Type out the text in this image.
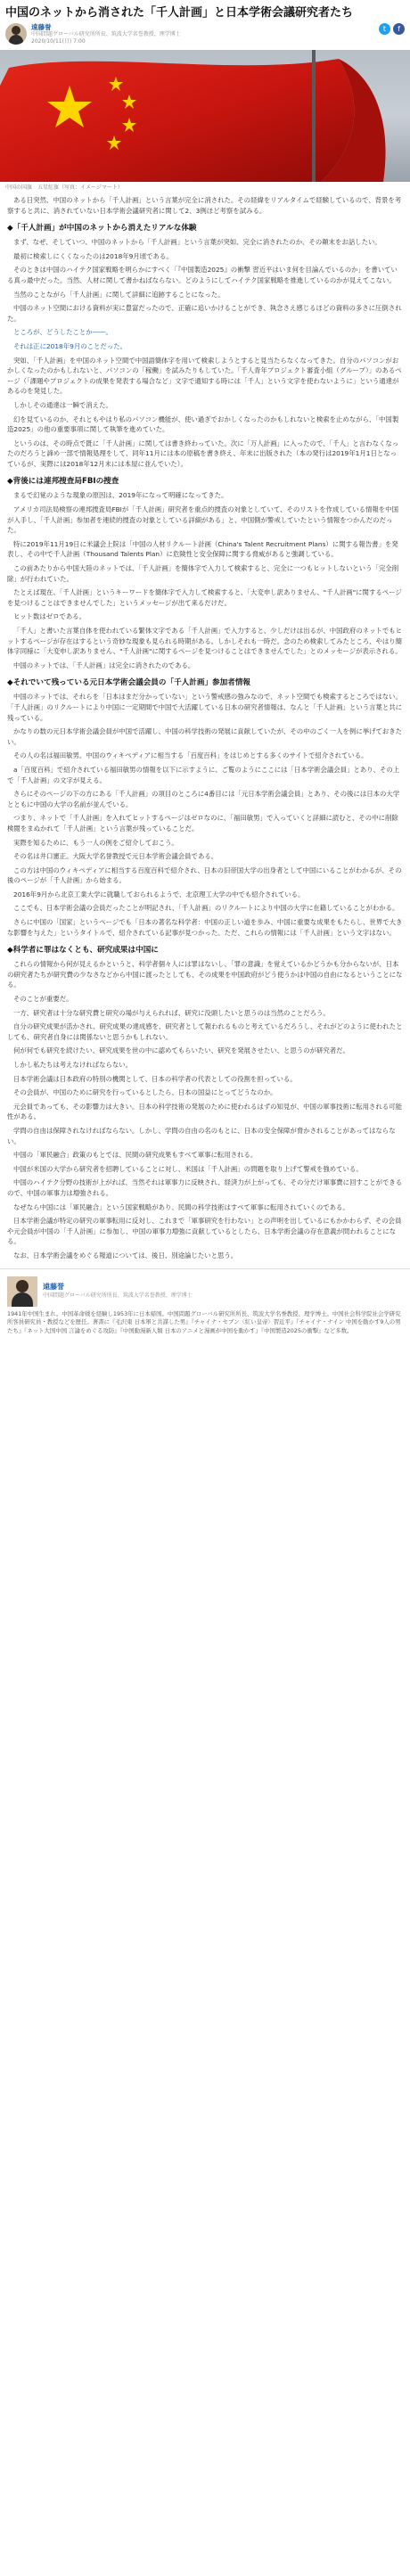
中国のネットから消された「千人計画」と日本学術会議研究者たち
遠藤誉
中国問題グローバル研究所所長、筑波大学名誉教授、理学博士
2020/10/11(日) 7:00
t	f
中国の国旗　五星紅旗（写真：イメージマート）

ある日突然、中国のネットから「千人計画」という言葉が完全に消された。その経緯をリアルタイムで経験しているので、背景を考察すると共に、消されていない日本学術会議研究者に関して2、3例ほど考察を試みる。

◆「千人計画」が中国のネットから消えたリアルな体験

まず、なぜ、そしていつ、中国のネットから「千人計画」という言葉が突如、完全に消されたのか、その顛末をお話したい。

最初に検索しにくくなったのは2018年9月頃である。

そのときは中国のハイテク国家戦略を明らかにすべく「『中国製造2025』の衝撃 習近平はいま何を目論んでいるのか」を書いている真っ最中だった。当然、人材に関して書かねばならない。どのようにしてハイテク国家戦略を推進しているのかが見えてこない。

当然のことながら「千人計画」に関して詳細に追跡することになった。

中国のネット空間における資料が実に豊富だったので、正確に追いかけることができ、執念さえ感じるほどの資料の多さに圧倒された。

ところが、どうしたことか――。

それは正に2018年9月のことだった。

突如、「千人計画」を中国のネット空間で中国語簡体字を用いて検索しようとすると見当たらなくなってきた。自分のパソコンがおかしくなったのかもしれないと、パソコンの「稼働」を試みたりもしていた。「千人青年プロジェクト審査小組（グループ）」のあるページ（「課題やプロジェクトの成果を発表する場合など」文字で通知する時には「千人」という文字を使わないように」という通達があるのを発見した。

しかしその通達は一瞬で消えた。

幻を見ているのか、それともやはり私のパソコン機能が、使い過ぎでおかしくなったのかもしれないと検索を止めながら、「中国製造2025」の他の重要事項に関して執筆を進めていた。

というのは、その時点で既に「千人計画」に関しては書き終わっていた。次に「万人計画」に入ったので、「千人」と言わなくなったのだろうと諦め一部で情報処理をして、同年11月には本の原稿を書き終え、年末に出版された（本の発行は2019年1月1日となっているが、実際には2018年12月末には本屋に並んでいた）。

◆背後には連邦捜査局FBIの捜査

まるで幻覚のような現象の原因は、2019年になって明確になってきた。

アメリカ司法局検察の連邦捜査局FBIが「千人計画」研究者を重点的捜査の対象としていて、そのリストを作成している情報を中国が入手し、「千人計画」参加者を連続的捜査の対象としている詳細がある」と、中国側が警戒していたという情報をつかんだのだった。

特に2019年11月19日に米議会上院は「中国の人材リクルート計画（China's Talent Recruitment Plans）に関する報告書」を発表し、その中で千人計画（Thousand Talents Plan）に危険性と安全保障に関する脅威があると強調している。

この前あたりから中国大陸のネットでは、「千人計画」を簡体字で入力して検索すると、完全に一つもヒットしないという「完全削除」が行われていた。

たとえば現在、「千人計画」というキーワードを簡体字で入力して検索すると、「大変申し訳ありません、"千人計画"に関するページを見つけることはできませんでした」というメッセージが出て来るだけだ。

ヒット数はゼロである。

「千人」と書いた言葉自体を使われている繁体文字である「千人計画」で入力すると、少しだけは出るが、中国政府のネットでもヒットするページが存在はするという奇妙な現象も見られる時期がある。しかしそれも一時だ。念のため検索してみたところ、やはり簡体字同様に「大変申し訳ありません、"千人計画"に関するページを見つけることはできませんでした」とのメッセージが表示される。

中国のネットでは、「千人計画」は完全に消されたのである。

◆それでいて残っている元日本学術会議会員の「千人計画」参加者情報

中国のネットでは、それらを「日本はまだ分かっていない」という警戒感の強みなので、ネット空間でも検索するところではない。「千人計画」のリクルートにより中国に一定期間で中国で大活躍している日本の研究者情報は、なんと「千人計画」という言葉と共に残っている。

かなりの数の元日本学術会議会員が中国で活躍し、中国の科学技術の発展に貢献していたが、その中のごく一人を例に挙げておきたい。

その人の名は福田敏男。中国のウィキペディアに相当する「百度百科」をはじめとする多くのサイトで紹介されている。

a「百度百科」で紹介されている福田敏男の情報を以下に示すように、ご覧のようにここには「日本学術会議会員」とあり、その上で「千人計画」の文字が見える。

さらにそのページの下の方にある「千人計画」の項目のところに4番目には「元日本学術会議会員」とあり、その後には日本の大学とともに中国の大学の名前が並んでいる。

つまり、ネットで「千人計画」を入れてヒットするページはゼロなのに、「福田敏男」で入っていくと詳細に読むと、その中に削除検閲をまぬかれて「千人計画」という言葉が残っていることだ。

実際を知るために、もう一人の例をご紹介しておこう。

その名は井口憲正。大阪大学名誉教授で元日本学術会議会員である。

この方は中国のウィキペディアに相当する百度百科で紹介され、日本の旧帝国大学の出身者として中国にいることがわかるが、その後のページが「千人計画」から始まる。

2016年9月から北京工業大学に就職しておられるようで、北京理工大学の中でも紹介されている。

ここでも、日本学術会議の会員だったことが明記され、「千人計画」のリクルートにより中国の大学に在籍していることがわかる。

さらに中国の「国家」というページでも「日本の著名な科学者：中国の正しい道を歩み、中国に重要な成果をもたらし、世界で大きな影響を与えた」というタイトルで、紹介されている記事が見つかった。ただ、これらの情報には「千人計画」という文字はない。

◆科学者に罪はなくとも、研究成果は中国に

これらの情報から何が見えるかというと、科学者個々人には罪はないし、「罪の意識」を覚えているかどうかも分からないが、日本の研究者たちが研究費の少なさなどから中国に渡ったとしても、その成果を中国政府がどう使うかは中国の自由になるということになる。

そのことが重要だ。

一方、研究者は十分な研究費と研究の場が与えられれば、研究に没頭したいと思うのは当然のことだろう。

自分の研究成果が活かされ、研究成果の達成感を、研究者として報われるものと考えているだろうし、それがどのように使われたとしても、研究者自身には関係ないと思うかもしれない。

何が何でも研究を続けたい、研究成果を世の中に認めてもらいたい、研究を発展させたい、と思うのが研究者だ。

しかし私たちは考えなければならない。

日本学術会議は日本政府の特別の機関として、日本の科学者の代表としての役割を担っている。

その会員が、中国のために研究を行っているとしたら、日本の国益にとってどうなのか。

元会員であっても、その影響力は大きい。日本の科学技術の発展のために使われるはずの知見が、中国の軍事技術に転用される可能性がある。

学問の自由は保障されなければならない。しかし、学問の自由の名のもとに、日本の安全保障が脅かされることがあってはならない。

中国の「軍民融合」政策のもとでは、民間の研究成果もすべて軍事に転用される。

中国が米国の大学から研究者を招聘していることに対し、米国は「千人計画」の問題を取り上げて警戒を強めている。

中国のハイテク分野の技術が上がれば、当然それは軍事力に反映され、経済力が上がっても、その分だけ軍事費に回すことができるので、中国の軍事力は増強される。

なぜなら中国には「軍民融合」という国家戦略があり、民間の科学技術はすべて軍事に転用されていくのである。

日本学術会議が特定の研究の軍事転用に反対し、これまで「軍事研究を行わない」との声明を出しているにもかかわらず、その会員や元会員が中国の「千人計画」に参加し、中国の軍事力増強に貢献しているとしたら、日本学術会議の存在意義が問われることになる。

なお、日本学術会議をめぐる報道については、後日、別途論じたいと思う。

遠藤誉
中国問題グローバル研究所所長、筑波大学名誉教授、理学博士
1941年中国生まれ。中国革命戦を経験し1953年に日本帰国。中国問題グローバル研究所所長、筑波大学名誉教授、理学博士。中国社会科学院社会学研究所客員研究員・教授などを歴任。著書に『毛沢東 日本軍と共謀した男』『チャイナ・セブン〈紅い皇帝〉習近平』『チャイナ・ナイン 中国を動かす9人の男たち』『ネット大国中国 言論をめぐる攻防』『中国動漫新人類 日本のアニメと漫画が中国を動かす』『中国製造2025の衝撃』など多数。
